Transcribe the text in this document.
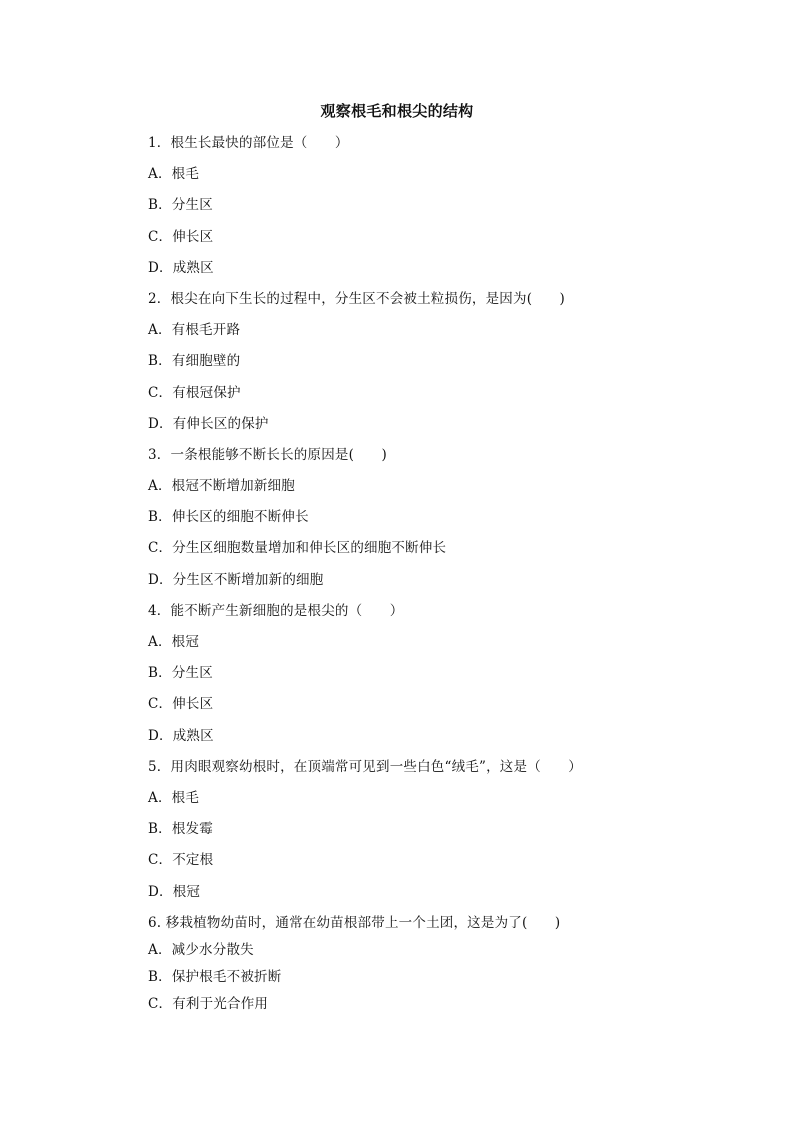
观察根毛和根尖的结构
1．根生长最快的部位是（　　）
A．根毛
B．分生区
C．伸长区
D．成熟区
2．根尖在向下生长的过程中，分生区不会被土粒损伤，是因为(　　)
A．有根毛开路
B．有细胞壁的
C．有根冠保护
D．有伸长区的保护
3．一条根能够不断长长的原因是(　　)
A．根冠不断增加新细胞
B．伸长区的细胞不断伸长
C．分生区细胞数量增加和伸长区的细胞不断伸长
D．分生区不断增加新的细胞
4．能不断产生新细胞的是根尖的（　　）
A．根冠
B．分生区
C．伸长区
D．成熟区
5．用肉眼观察幼根时，在顶端常可见到一些白色“绒毛”，这是（　　）
A．根毛
B．根发霉
C．不定根
D．根冠
6. 移栽植物幼苗时，通常在幼苗根部带上一个土团，这是为了(　　)
A．减少水分散失
B．保护根毛不被折断
C．有利于光合作用
